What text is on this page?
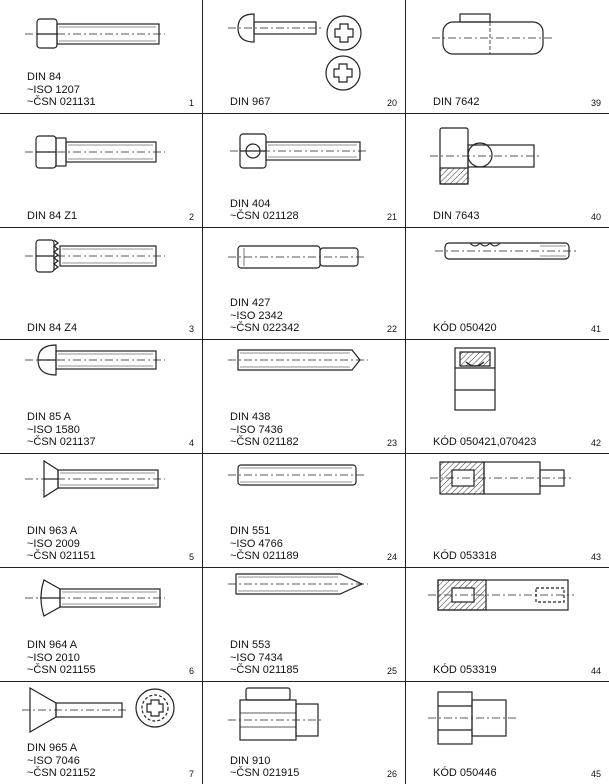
DIN 84
~ISO 1207
~ČSN 021131	1
DIN 84 Z1	2
DIN 84 Z4	3
DIN 85 A
~ISO 1580
~ČSN 021137	4
DIN 963 A
~ISO 2009
~ČSN 021151	5
DIN 964 A
~ISO 2010
~ČSN 021155	6
DIN 965 A
~ISO 7046
~ČSN 021152	7
DIN 967	20
DIN 404
~ČSN 021128	21
DIN 427
~ISO 2342
~ČSN 022342	22
DIN 438
~ISO 7436
~ČSN 021182	23
DIN 551
~ISO 4766
~ČSN 021189	24
DIN 553
~ISO 7434
~ČSN 021185	25
DIN 910
~ČSN 021915	26
DIN 7642	39
DIN 7643	40
KÓD 050420	41
KÓD 050421,070423	42
KÓD 053318	43
KÓD 053319	44
KÓD 050446	45
